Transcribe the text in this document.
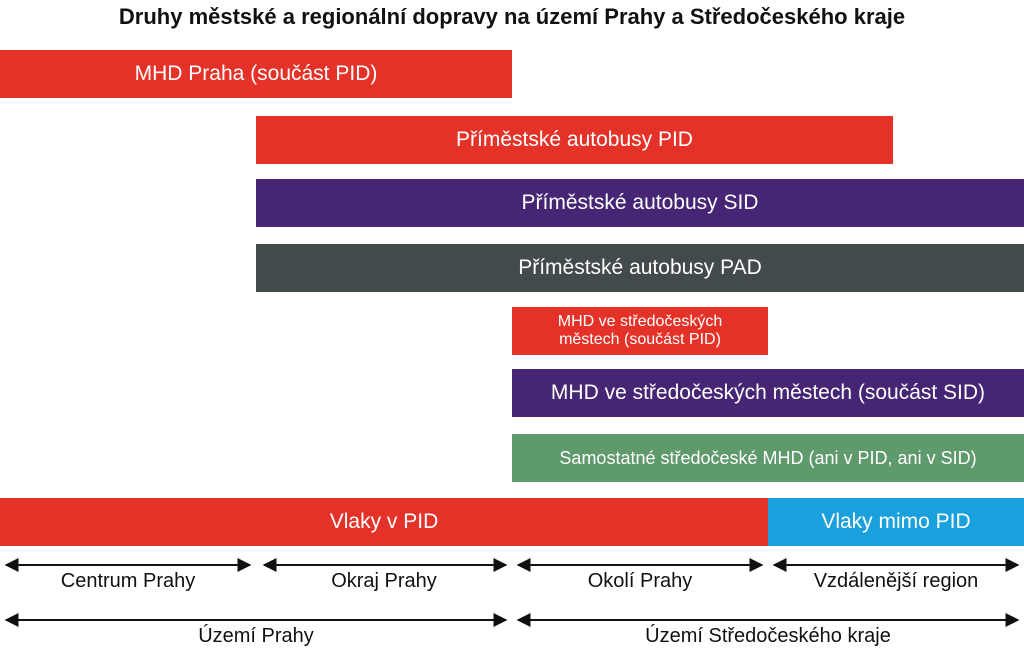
Druhy městské a regionální dopravy na území Prahy a Středočeského kraje
MHD Praha (součást PID)
Příměstské autobusy PID
Příměstské autobusy SID
Příměstské autobusy PAD
MHD ve středočeských městech (součást PID)
MHD ve středočeských městech (součást SID)
Samostatné středočeské MHD (ani v PID, ani v SID)
Vlaky v PID	Vlaky mimo PID
Centrum Prahy	Okraj Prahy	Okolí Prahy	Vzdálenější region
Území Prahy	Území Středočeského kraje
